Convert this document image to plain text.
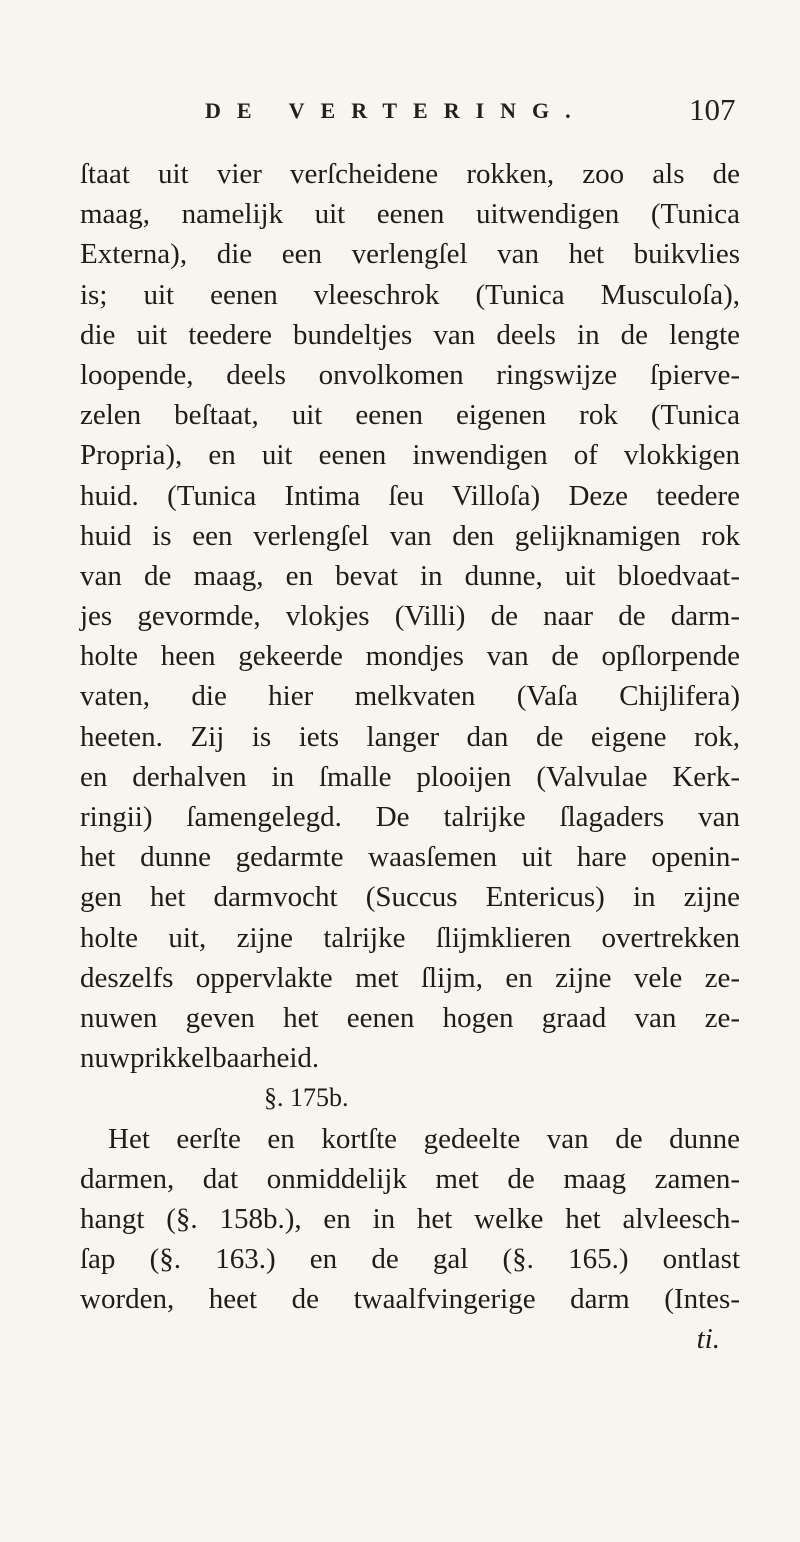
DE VERTERING.	107
ſtaat uit vier verſcheidene rokken, zoo als de
maag, namelijk uit eenen uitwendigen (Tunica
Externa), die een verlengſel van het buikvlies
is; uit eenen vleeschrok (Tunica Musculoſa),
die uit teedere bundeltjes van deels in de lengte
loopende, deels onvolkomen ringswijze ſpierve-
zelen beſtaat, uit eenen eigenen rok (Tunica
Propria), en uit eenen inwendigen of vlokkigen
huid. (Tunica Intima ſeu Villoſa) Deze teedere
huid is een verlengſel van den gelijknamigen rok
van de maag, en bevat in dunne, uit bloedvaat-
jes gevormde, vlokjes (Villi) de naar de darm-
holte heen gekeerde mondjes van de opſlorpende
vaten, die hier melkvaten (Vaſa Chijlifera)
heeten. Zij is iets langer dan de eigene rok,
en derhalven in ſmalle plooijen (Valvulae Kerk-
ringii) ſamengelegd. De talrijke ſlagaders van
het dunne gedarmte waasſemen uit hare openin-
gen het darmvocht (Succus Entericus) in zijne
holte uit, zijne talrijke ſlijmklieren overtrekken
deszelfs oppervlakte met ſlijm, en zijne vele ze-
nuwen geven het eenen hogen graad van ze-
nuwprikkelbaarheid.
§. 175b.
Het eerſte en kortſte gedeelte van de dunne
darmen, dat onmiddelijk met de maag zamen-
hangt (§. 158b.), en in het welke het alvleesch-
ſap (§. 163.) en de gal (§. 165.) ontlast
worden, heet de twaalfvingerige darm (Intes-
ti.
